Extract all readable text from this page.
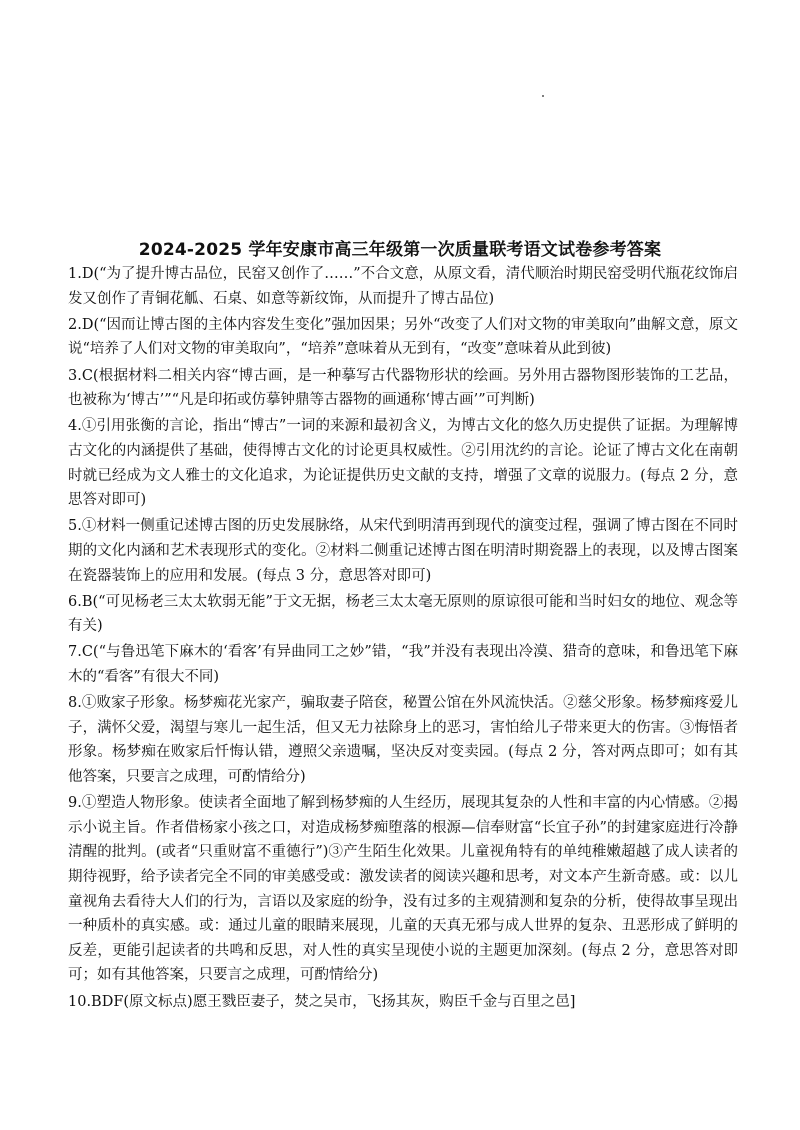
2024-2025 学年安康市高三年级第一次质量联考语文试卷参考答案
1.D(“为了提升博古品位，民窑又创作了……”不合文意，从原文看，清代顺治时期民窑受明代瓶花纹饰启发又创作了青铜花觚、石桌、如意等新纹饰，从而提升了博古品位)
2.D(“因而让博古图的主体内容发生变化”强加因果；另外“改变了人们对文物的审美取向”曲解文意，原文说“培养了人们对文物的审美取向”，“培养”意味着从无到有，“改变”意味着从此到彼)
3.C(根据材料二相关内容“博古画，是一种摹写古代器物形状的绘画。另外用古器物图形装饰的工艺品，也被称为‘博古’”“凡是印拓或仿摹钟鼎等古器物的画通称‘博古画’”可判断)
4.①引用张衡的言论，指出“博古”一词的来源和最初含义，为博古文化的悠久历史提供了证据。为理解博古文化的内涵提供了基础，使得博古文化的讨论更具权威性。②引用沈约的言论。论证了博古文化在南朝时就已经成为文人雅士的文化追求，为论证提供历史文献的支持，增强了文章的说服力。(每点 2 分，意思答对即可)
5.①材料一侧重记述博古图的历史发展脉络，从宋代到明清再到现代的演变过程，强调了博古图在不同时期的文化内涵和艺术表现形式的变化。②材料二侧重记述博古图在明清时期瓷器上的表现，以及博古图案在瓷器装饰上的应用和发展。(每点 3 分，意思答对即可)
6.B(“可见杨老三太太软弱无能”于文无据，杨老三太太毫无原则的原谅很可能和当时妇女的地位、观念等有关)
7.C(“与鲁迅笔下麻木的‘看客’有异曲同工之妙”错，“我”并没有表现出冷漠、猎奇的意味，和鲁迅笔下麻木的“看客”有很大不同)
8.①败家子形象。杨梦痴花光家产，骗取妻子陪奁，秘置公馆在外风流快活。②慈父形象。杨梦痴疼爱儿子，满怀父爱，渴望与寒儿一起生活，但又无力祛除身上的恶习，害怕给儿子带来更大的伤害。③悔悟者形象。杨梦痴在败家后忏悔认错，遵照父亲遗嘱，坚决反对变卖园。(每点 2 分，答对两点即可；如有其他答案，只要言之成理，可酌情给分)
9.①塑造人物形象。使读者全面地了解到杨梦痴的人生经历，展现其复杂的人性和丰富的内心情感。②揭示小说主旨。作者借杨家小孩之口，对造成杨梦痴堕落的根源—信奉财富“长宜子孙”的封建家庭进行冷静清醒的批判。(或者“只重财富不重德行”)③产生陌生化效果。儿童视角特有的单纯稚嫩超越了成人读者的期待视野，给予读者完全不同的审美感受或：激发读者的阅读兴趣和思考，对文本产生新奇感。或：以儿童视角去看待大人们的行为，言语以及家庭的纷争，没有过多的主观猜测和复杂的分析，使得故事呈现出一种质朴的真实感。或：通过儿童的眼睛来展现，儿童的天真无邪与成人世界的复杂、丑恶形成了鲜明的反差，更能引起读者的共鸣和反思，对人性的真实呈现使小说的主题更加深刻。(每点 2 分，意思答对即可；如有其他答案，只要言之成理，可酌情给分)
10.BDF(原文标点)愿王戮臣妻子，焚之吴市，飞扬其灰，购臣千金与百里之邑]
